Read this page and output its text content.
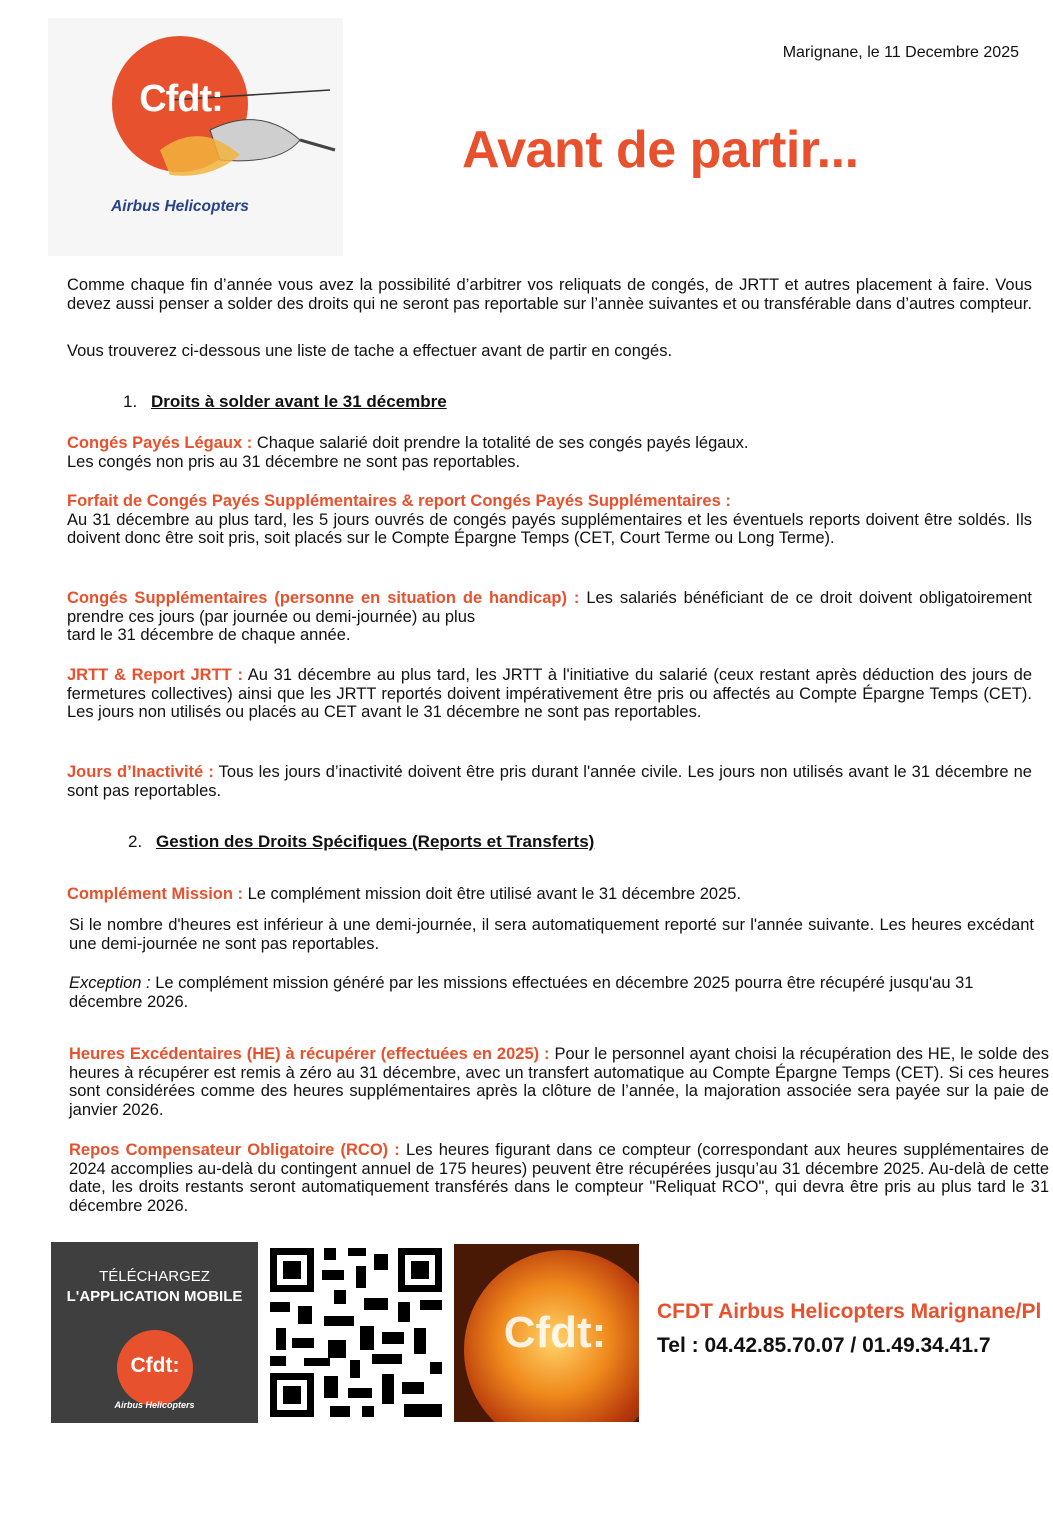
Cfdt:
Airbus Helicopters
Marignane, le 11 Decembre 2025
Avant de partir...
Comme chaque fin d’année vous avez la possibilité d’arbitrer vos reliquats de congés, de JRTT et autres placement à faire. Vous devez aussi penser a solder des droits qui ne seront pas reportable sur l’annèe suivantes et ou transférable dans d’autres compteur.
Vous trouverez ci-dessous une liste de tache a effectuer avant de partir en congés.
1. Droits à solder avant le 31 décembre
Congés Payés Légaux : Chaque salarié doit prendre la totalité de ses congés payés légaux.
Les congés non pris au 31 décembre ne sont pas reportables.
Forfait de Congés Payés Supplémentaires & report Congés Payés Supplémentaires :
Au 31 décembre au plus tard, les 5 jours ouvrés de congés payés supplémentaires et les éventuels reports doivent être soldés. Ils doivent donc être soit pris, soit placés sur le Compte Épargne Temps (CET, Court Terme ou Long Terme).
Congés Supplémentaires (personne en situation de handicap) : Les salariés bénéficiant de ce droit doivent obligatoirement prendre ces jours (par journée ou demi-journée) au plus
tard le 31 décembre de chaque année.
JRTT & Report JRTT : Au 31 décembre au plus tard, les JRTT à l'initiative du salarié (ceux restant après déduction des jours de fermetures collectives) ainsi que les JRTT reportés doivent impérativement être pris ou affectés au Compte Épargne Temps (CET). Les jours non utilisés ou placés au CET avant le 31 décembre ne sont pas reportables.
Jours d’Inactivité : Tous les jours d’inactivité doivent être pris durant l'année civile. Les jours non utilisés avant le 31 décembre ne sont pas reportables.
2. Gestion des Droits Spécifiques (Reports et Transferts)
Complément Mission : Le complément mission doit être utilisé avant le 31 décembre 2025.
Si le nombre d'heures est inférieur à une demi-journée, il sera automatiquement reporté sur l'année suivante. Les heures excédant une demi-journée ne sont pas reportables.
Exception : Le complément mission généré par les missions effectuées en décembre 2025 pourra être récupéré jusqu'au 31 décembre 2026.
Heures Excédentaires (HE) à récupérer (effectuées en 2025) : Pour le personnel ayant choisi la récupération des HE, le solde des heures à récupérer est remis à zéro au 31 décembre, avec un transfert automatique au Compte Épargne Temps (CET). Si ces heures sont considérées comme des heures supplémentaires après la clôture de l’année, la majoration associée sera payée sur la paie de janvier 2026.
Repos Compensateur Obligatoire (RCO) : Les heures figurant dans ce compteur (correspondant aux heures supplémentaires de 2024 accomplies au-delà du contingent annuel de 175 heures) peuvent être récupérées jusqu’au 31 décembre 2025. Au-delà de cette date, les droits restants seront automatiquement transférés dans le compteur "Reliquat RCO", qui devra être pris au plus tard le 31 décembre 2026.
TÉLÉCHARGEZ
L'APPLICATION MOBILE
Cfdt:
Airbus Helicopters
Cfdt:	CFDT Airbus Helicopters Marignane/Pl
Tel : 04.42.85.70.07 / 01.49.34.41.7
